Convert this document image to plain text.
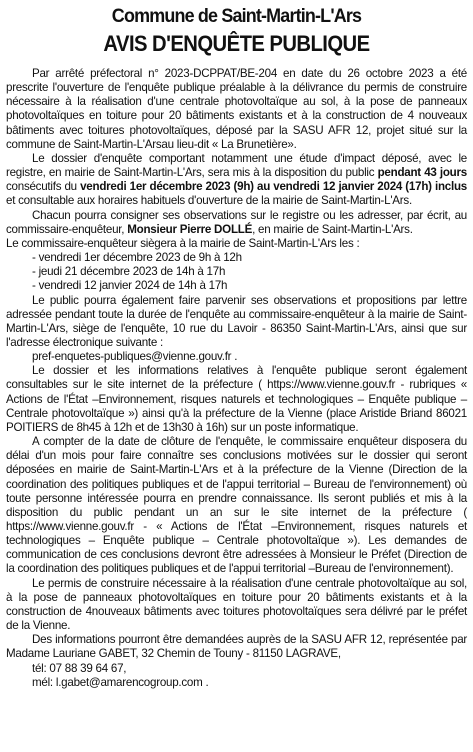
Commune de Saint-Martin-L'Ars
AVIS D'ENQUÊTE PUBLIQUE

Par arrêté préfectoral n° 2023-DCPPAT/BE-204 en date du 26 octobre 2023 a été prescrite l'ouverture de l'enquête publique préalable à la délivrance du permis de construire nécessaire à la réalisation d'une centrale photovoltaïque au sol, à la pose de panneaux photovoltaïques en toiture pour 20 bâtiments existants et à la construction de 4 nouveaux bâtiments avec toitures photovoltaïques, déposé par la SASU AFR 12, projet situé sur la commune de Saint-Martin-L'Arsau lieu-dit « La Brunetière».

Le dossier d'enquête comportant notamment une étude d'impact déposé, avec le registre, en mairie de Saint-Martin-L'Ars, sera mis à la disposition du public pendant 43 jours consécutifs du vendredi 1er décembre 2023 (9h) au vendredi 12 janvier 2024 (17h) inclus et consultable aux horaires habituels d'ouverture de la mairie de Saint-Martin-L'Ars.

Chacun pourra consigner ses observations sur le registre ou les adresser, par écrit, au commissaire-enquêteur, Monsieur Pierre DOLLÉ, en mairie de Saint-Martin-L'Ars.

Le commissaire-enquêteur siègera à la mairie de Saint-Martin-L'Ars les :

- vendredi 1er décembre 2023 de 9h à 12h

- jeudi 21 décembre 2023 de 14h à 17h

- vendredi 12 janvier 2024 de 14h à 17h

Le public pourra également faire parvenir ses observations et propositions par lettre adressée pendant toute la durée de l'enquête au commissaire-enquêteur à la mairie de Saint-Martin-L'Ars, siège de l'enquête, 10 rue du Lavoir - 86350 Saint-Martin-L'Ars, ainsi que sur l'adresse électronique suivante :

pref-enquetes-publiques@vienne.gouv.fr .

Le dossier et les informations relatives à l'enquête publique seront également consultables sur le site internet de la préfecture ( https://www.vienne.gouv.fr - rubriques « Actions de l'État –Environnement, risques naturels et technologiques – Enquête publique – Centrale photovoltaïque ») ainsi qu'à la préfecture de la Vienne (place Aristide Briand 86021 POITIERS de 8h45 à 12h et de 13h30 à 16h) sur un poste informatique.

A compter de la date de clôture de l'enquête, le commissaire enquêteur disposera du délai d'un mois pour faire connaître ses conclusions motivées sur le dossier qui seront déposées en mairie de Saint-Martin-L'Ars et à la préfecture de la Vienne (Direction de la coordination des politiques publiques et de l'appui territorial – Bureau de l'environnement) où toute personne intéressée pourra en prendre connaissance. Ils seront publiés et mis à la disposition du public pendant un an sur le site internet de la préfecture ( https://www.vienne.gouv.fr - « Actions de l'État –Environnement, risques naturels et technologiques – Enquête publique – Centrale photovoltaïque »). Les demandes de communication de ces conclusions devront être adressées à Monsieur le Préfet (Direction de la coordination des politiques publiques et de l'appui territorial –Bureau de l'environnement).

Le permis de construire nécessaire à la réalisation d'une centrale photovoltaïque au sol, à la pose de panneaux photovoltaïques en toiture pour 20 bâtiments existants et à la construction de 4nouveaux bâtiments avec toitures photovoltaïques sera délivré par le préfet de la Vienne.

Des informations pourront être demandées auprès de la SASU AFR 12, représentée par Madame Lauriane GABET, 32 Chemin de Touny - 81150 LAGRAVE,

tél: 07 88 39 64 67,

mél: l.gabet@amarencogroup.com .
